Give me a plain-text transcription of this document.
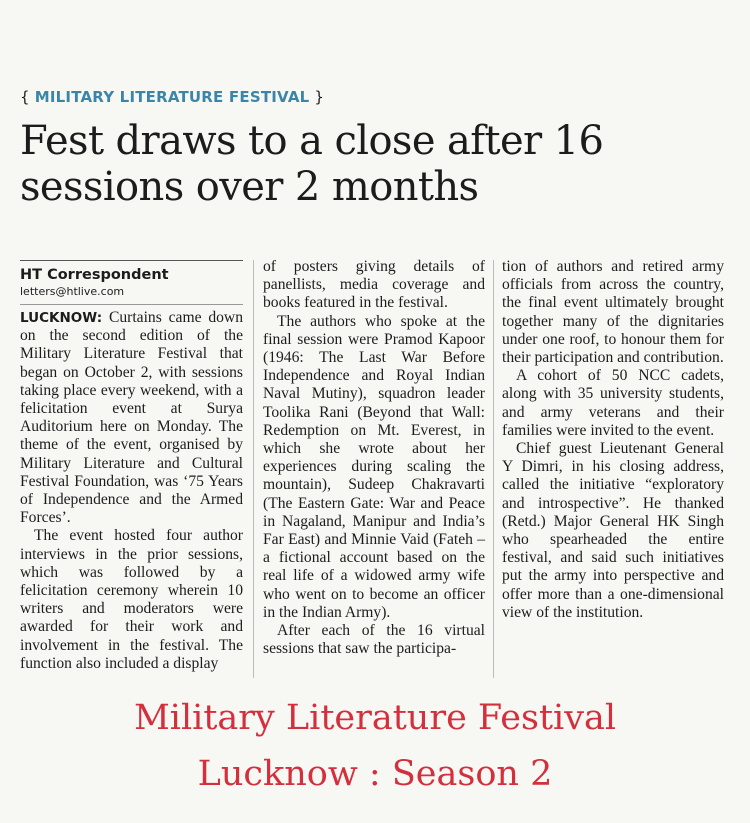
{ MILITARY LITERATURE FESTIVAL }
Fest draws to a close after 16 sessions over 2 months
HT Correspondent
letters@htlive.com

LUCKNOW: Curtains came down on the second edition of the Military Literature Festival that began on October 2, with sessions taking place every weekend, with a felicitation event at Surya Auditorium here on Monday. The theme of the event, organised by Military Literature and Cultural Festival Foundation, was ‘75 Years of Independence and the Armed Forces’.

The event hosted four author interviews in the prior sessions, which was followed by a felicitation ceremony wherein 10 writers and moderators were awarded for their work and involvement in the festival. The function also included a display

of posters giving details of panellists, media coverage and books featured in the festival.

The authors who spoke at the final session were Pramod Kapoor (1946: The Last War Before Independence and Royal Indian Naval Mutiny), squadron leader Toolika Rani (Beyond that Wall: Redemption on Mt. Everest, in which she wrote about her experiences during scaling the mountain), Sudeep Chakravarti (The Eastern Gate: War and Peace in Nagaland, Manipur and India’s Far East) and Minnie Vaid (Fateh – a fictional account based on the real life of a widowed army wife who went on to become an officer in the Indian Army).

After each of the 16 virtual sessions that saw the participa-

tion of authors and retired army officials from across the country, the final event ultimately brought together many of the dignitaries under one roof, to honour them for their participation and contribution.

A cohort of 50 NCC cadets, along with 35 university students, and army veterans and their families were invited to the event.

Chief guest Lieutenant General Y Dimri, in his closing address, called the initiative “exploratory and introspective”. He thanked (Retd.) Major General HK Singh who spearheaded the entire festival, and said such initiatives put the army into perspective and offer more than a one-dimensional view of the institution.

Military Literature Festival
Lucknow : Season 2
